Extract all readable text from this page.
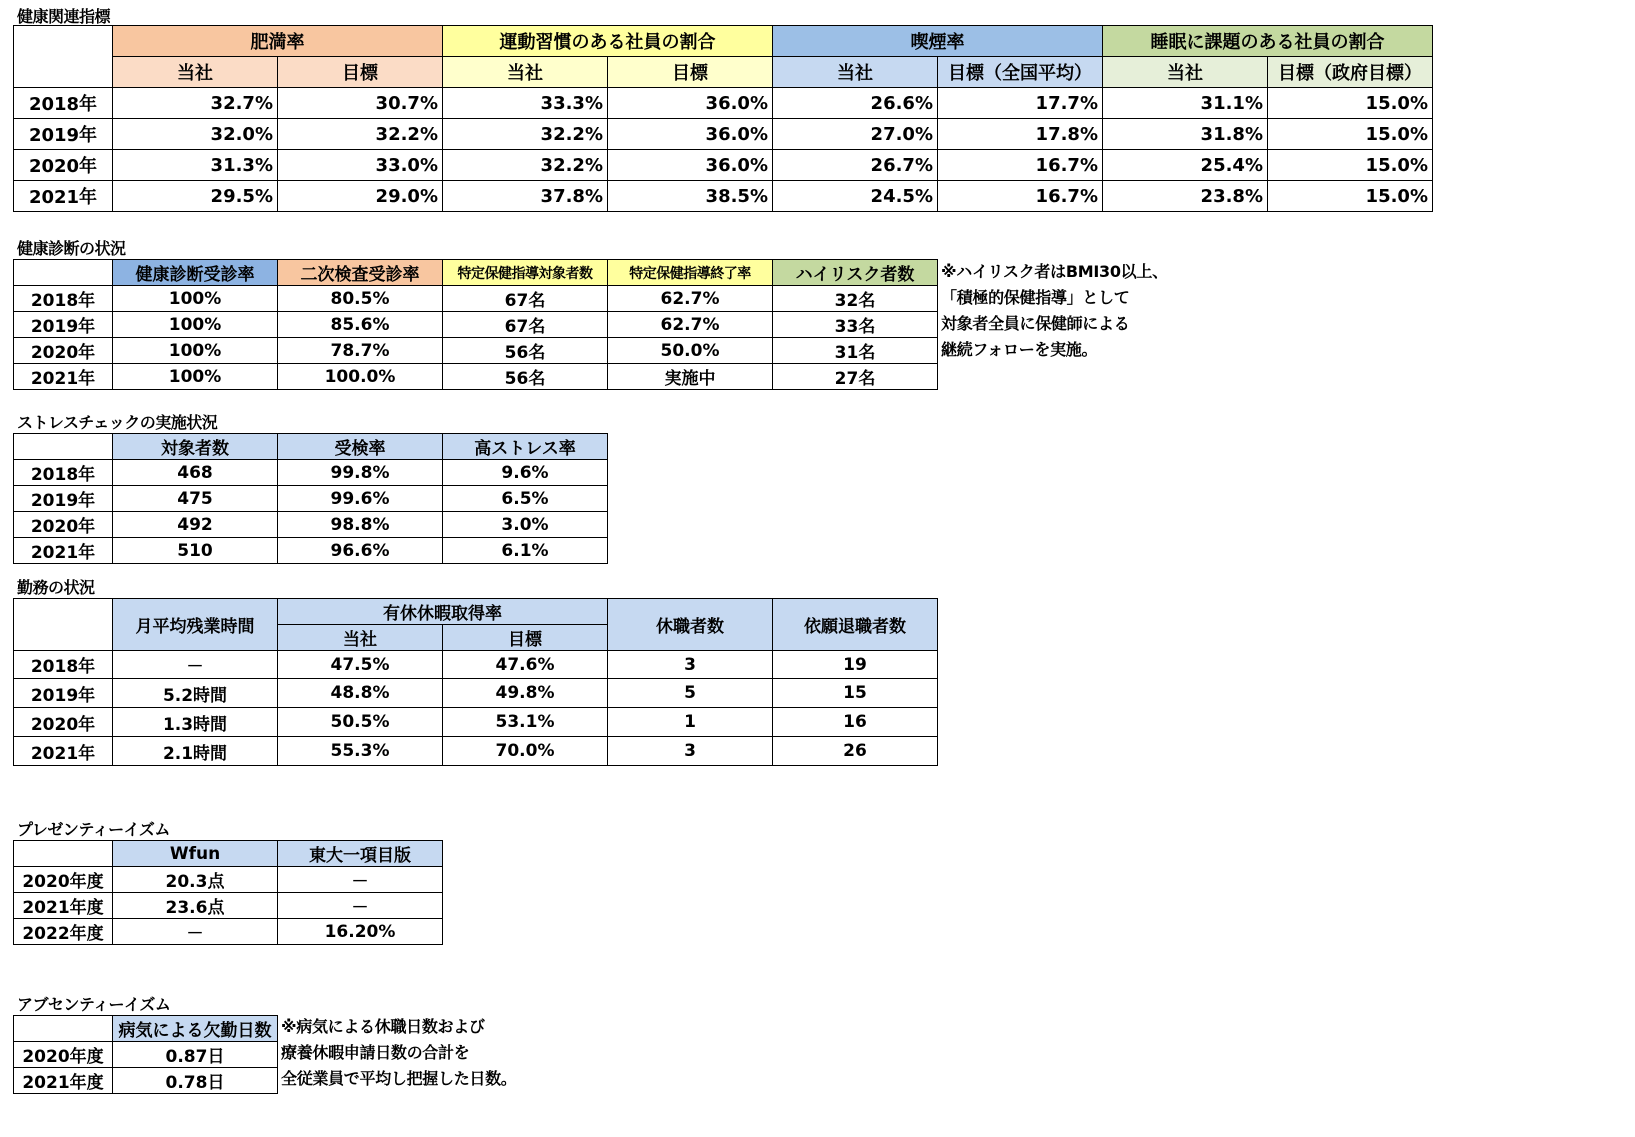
健康関連指標
	肥満率		運動習慣のある社員の割合		喫煙率		睡眠に課題のある社員の割合	
	当社	目標	当社	目標	当社	目標（全国平均）	当社	目標（政府目標）
2018年	32.7%	30.7%	33.3%	36.0%	26.6%	17.7%	31.1%	15.0%
2019年	32.0%	32.2%	32.2%	36.0%	27.0%	17.8%	31.8%	15.0%
2020年	31.3%	33.0%	32.2%	36.0%	26.7%	16.7%	25.4%	15.0%
2021年	29.5%	29.0%	37.8%	38.5%	24.5%	16.7%	23.8%	15.0%
健康診断の状況
	健康診断受診率	二次検査受診率	特定保健指導対象者数	特定保健指導終了率	ハイリスク者数
2018年	100%	80.5%	67名	62.7%	32名
2019年	100%	85.6%	67名	62.7%	33名
2020年	100%	78.7%	56名	50.0%	31名
2021年	100%	100.0%	56名	実施中	27名
※ハイリスク者はBMI30以上、
「積極的保健指導」として
対象者全員に保健師による
継続フォローを実施。
ストレスチェックの実施状況
	対象者数	受検率	高ストレス率
2018年	468	99.8%	9.6%
2019年	475	99.6%	6.5%
2020年	492	98.8%	3.0%
2021年	510	96.6%	6.1%
勤務の状況
	月平均残業時間	有休休暇取得率		休職者数	依願退職者数
		当社	目標		
2018年	－	47.5%	47.6%	3	19
2019年	5.2時間	48.8%	49.8%	5	15
2020年	1.3時間	50.5%	53.1%	1	16
2021年	2.1時間	55.3%	70.0%	3	26
プレゼンティーイズム
	Wfun	東大一項目版
2020年度	20.3点	－
2021年度	23.6点	－
2022年度	－	16.20%
アブセンティーイズム
	病気による欠勤日数
2020年度	0.87日
2021年度	0.78日
※病気による休職日数および
療養休暇申請日数の合計を
全従業員で平均し把握した日数。
